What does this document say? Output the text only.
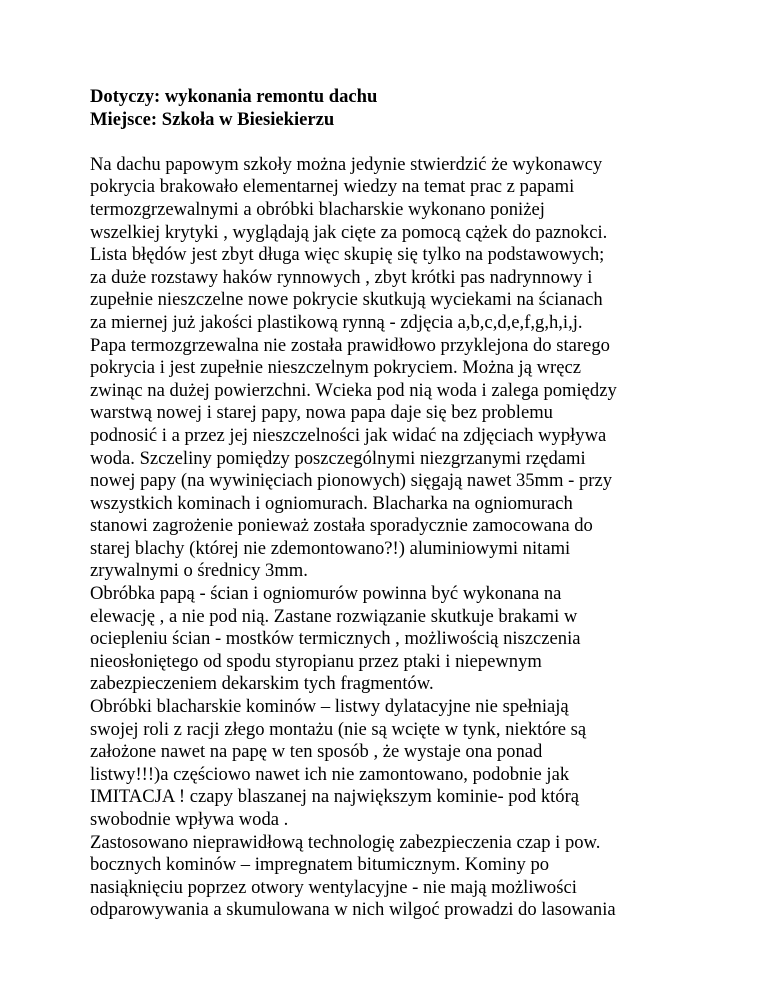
Dotyczy: wykonania remontu dachu
Miejsce: Szkoła w Biesiekierzu
Na dachu papowym szkoły można jedynie stwierdzić że wykonawcy
pokrycia brakowało elementarnej wiedzy na temat prac z papami
termozgrzewalnymi a obróbki blacharskie wykonano poniżej
wszelkiej krytyki , wyglądają jak cięte za pomocą cążek do paznokci.
Lista błędów jest zbyt długa więc skupię się tylko na podstawowych;
za duże rozstawy haków rynnowych , zbyt krótki pas nadrynnowy i
zupełnie nieszczelne nowe pokrycie skutkują wyciekami na ścianach
za miernej już jakości plastikową rynną - zdjęcia a,b,c,d,e,f,g,h,i,j.
Papa termozgrzewalna nie została prawidłowo przyklejona do starego
pokrycia i jest zupełnie nieszczelnym pokryciem. Można ją wręcz
zwinąc na dużej powierzchni. Wcieka pod nią woda i zalega pomiędzy
warstwą nowej i starej papy, nowa papa daje się bez problemu
podnosić i a przez jej nieszczelności jak widać na zdjęciach wypływa
woda. Szczeliny pomiędzy poszczególnymi niezgrzanymi rzędami
nowej papy (na wywinięciach pionowych) sięgają nawet 35mm - przy
wszystkich kominach i ogniomurach. Blacharka na ogniomurach
stanowi zagrożenie ponieważ została sporadycznie zamocowana do
starej blachy (której nie zdemontowano?!) aluminiowymi nitami
zrywalnymi o średnicy 3mm.
Obróbka papą - ścian i ogniomurów powinna być wykonana na
elewację , a nie pod nią. Zastane rozwiązanie skutkuje brakami w
ociepleniu ścian - mostków termicznych , możliwością niszczenia
nieosłoniętego od spodu styropianu przez ptaki i niepewnym
zabezpieczeniem dekarskim tych fragmentów.
Obróbki blacharskie kominów – listwy dylatacyjne nie spełniają
swojej roli z racji złego montażu (nie są wcięte w tynk, niektóre są
założone nawet na papę w ten sposób , że wystaje ona ponad
listwy!!!)a częściowo nawet ich nie zamontowano, podobnie jak
IMITACJA ! czapy blaszanej na największym kominie- pod którą
swobodnie wpływa woda .
Zastosowano nieprawidłową technologię zabezpieczenia czap i pow.
bocznych kominów – impregnatem bitumicznym. Kominy po
nasiąknięciu poprzez otwory wentylacyjne - nie mają możliwości
odparowywania a skumulowana w nich wilgoć prowadzi do lasowania
